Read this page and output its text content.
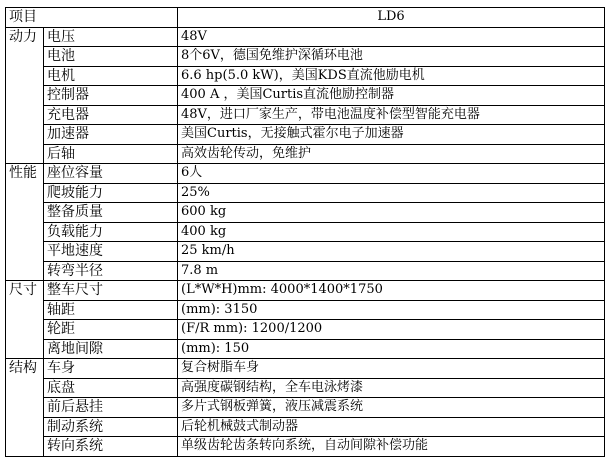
项目		LD6
动力	电压	48V
	电池	8个6V，德国免维护深循环电池
	电机	6.6 hp(5.0 kW)，美国KDS直流他励电机
	控制器	400 A ，美国Curtis直流他励控制器
	充电器	48V，进口厂家生产，带电池温度补偿型智能充电器
	加速器	美国Curtis，无接触式霍尔电子加速器
	后轴	高效齿轮传动，免维护
性能	座位容量	6人
	爬坡能力	25%
	整备质量	600 kg
	负载能力	400 kg
	平地速度	25 km/h
	转弯半径	7.8 m
尺寸	整车尺寸	(L*W*H)mm: 4000*1400*1750
	轴距	(mm): 3150
	轮距	(F/R mm): 1200/1200
	离地间隙	(mm): 150
结构	车身	复合树脂车身
	底盘	高强度碳钢结构，全车电泳烤漆
	前后悬挂	多片式钢板弹簧，液压减震系统
	制动系统	后轮机械鼓式制动器
	转向系统	单级齿轮齿条转向系统，自动间隙补偿功能
